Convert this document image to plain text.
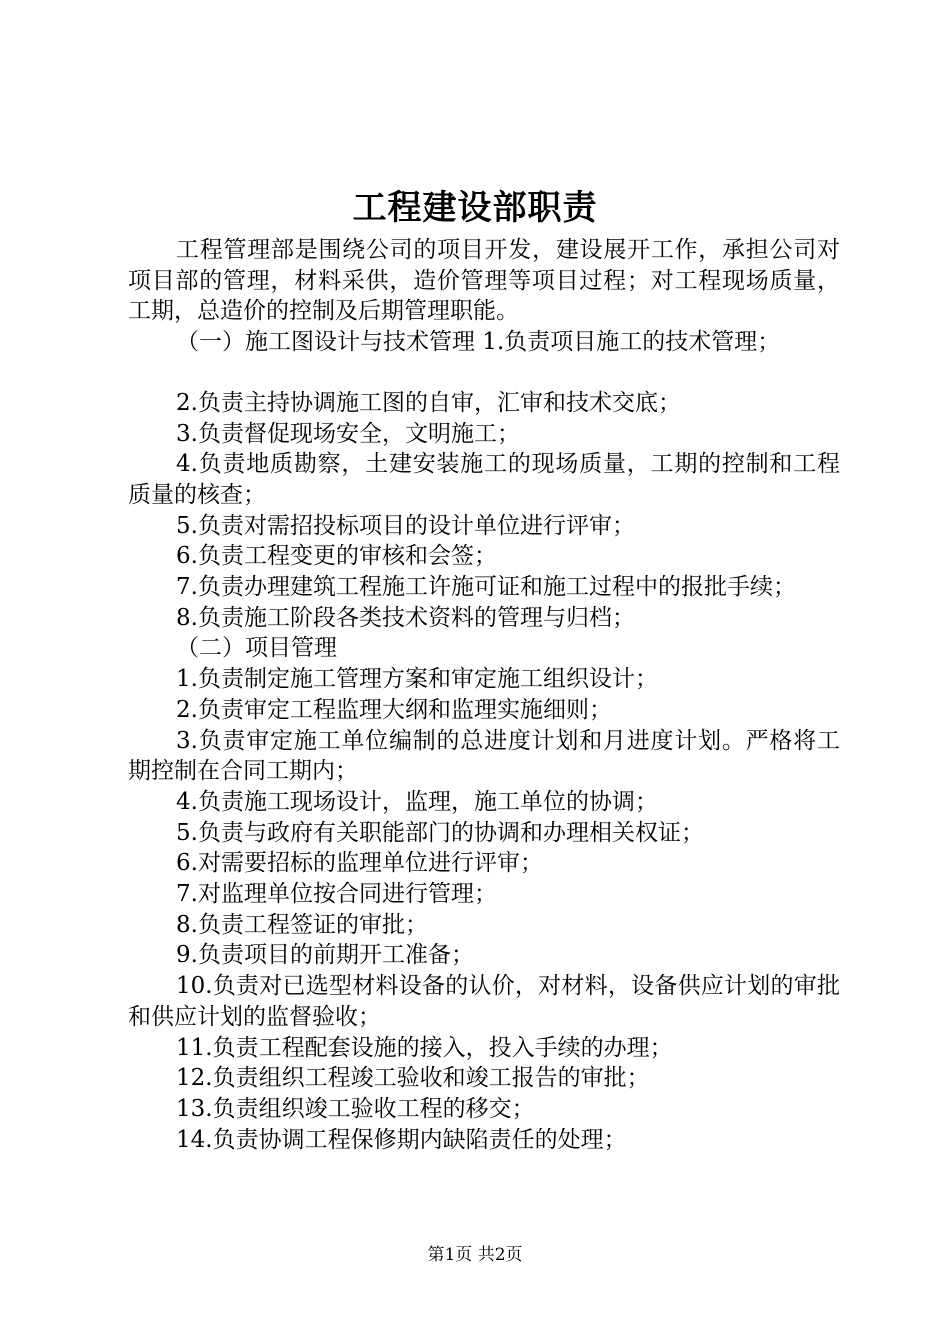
工程建设部职责

工程管理部是围绕公司的项目开发，建设展开工作，承担公司对项目部的管理，材料采供，造价管理等项目过程；对工程现场质量，工期，总造价的控制及后期管理职能。

（一）施工图设计与技术管理 1.负责项目施工的技术管理；

2.负责主持协调施工图的自审，汇审和技术交底；

3.负责督促现场安全，文明施工；

4.负责地质勘察，土建安装施工的现场质量，工期的控制和工程质量的核查；

5.负责对需招投标项目的设计单位进行评审；

6.负责工程变更的审核和会签；

7.负责办理建筑工程施工许施可证和施工过程中的报批手续；

8.负责施工阶段各类技术资料的管理与归档；

（二）项目管理

1.负责制定施工管理方案和审定施工组织设计；

2.负责审定工程监理大纲和监理实施细则；

3.负责审定施工单位编制的总进度计划和月进度计划。严格将工期控制在合同工期内；

4.负责施工现场设计，监理，施工单位的协调；

5.负责与政府有关职能部门的协调和办理相关权证；

6.对需要招标的监理单位进行评审；

7.对监理单位按合同进行管理；

8.负责工程签证的审批；

9.负责项目的前期开工准备；

10.负责对已选型材料设备的认价，对材料，设备供应计划的审批和供应计划的监督验收；

11.负责工程配套设施的接入，投入手续的办理；

12.负责组织工程竣工验收和竣工报告的审批；

13.负责组织竣工验收工程的移交；

14.负责协调工程保修期内缺陷责任的处理；

第1页 共2页
